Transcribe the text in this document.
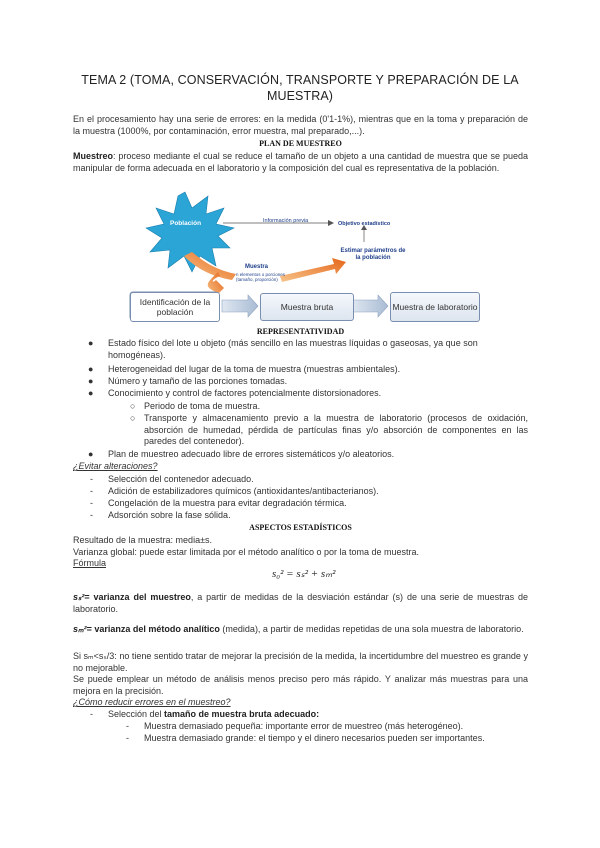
TEMA 2 (TOMA, CONSERVACIÓN, TRANSPORTE Y PREPARACIÓN DE LA MUESTRA)
En el procesamiento hay una serie de errores: en la medida (0'1-1%), mientras que en la toma y preparación de la muestra (1000%, por contaminación, error muestra, mal preparado,...).
PLAN DE MUESTREO
Muestreo: proceso mediante el cual se reduce el tamaño de un objeto a una cantidad de muestra que se pueda manipular de forma adecuada en el laboratorio y la composición del cual es representativa de la población.
Población	Información previa	Objetivo estadístico
Estimar parámetros de la población
Muestra
n elementos o porciones (tamaño, proporción)
Identificación de la población	Muestra bruta	Muestra de laboratorio
REPRESENTATIVIDAD
● Estado físico del lote u objeto (más sencillo en las muestras líquidas o gaseosas, ya que son homogéneas).
● Heterogeneidad del lugar de la toma de muestra (muestras ambientales).
● Número y tamaño de las porciones tomadas.
● Conocimiento y control de factores potencialmente distorsionadores.
○ Periodo de toma de muestra.
○ Transporte y almacenamiento previo a la muestra de laboratorio (procesos de oxidación, absorción de humedad, pérdida de partículas finas y/o absorción de componentes en las paredes del contenedor).
● Plan de muestreo adecuado libre de errores sistemáticos y/o aleatorios.
¿Evitar alteraciones?
- Selección del contenedor adecuado.
- Adición de estabilizadores químicos (antioxidantes/antibacterianos).
- Congelación de la muestra para evitar degradación térmica.
- Adsorción sobre la fase sólida.
ASPECTOS ESTADÍSTICOS
Resultado de la muestra: media±s.
Varianza global: puede estar limitada por el método analítico o por la toma de muestra.
Fórmula
s₀² = sₛ² + sₘ²
sₛ²= varianza del muestreo, a partir de medidas de la desviación estándar (s) de una serie de muestras de laboratorio.
sₘ²= varianza del método analítico (medida), a partir de medidas repetidas de una sola muestra de laboratorio.
Si sₘ<sₛ/3: no tiene sentido tratar de mejorar la precisión de la medida, la incertidumbre del muestreo es grande y no mejorable.
Se puede emplear un método de análisis menos preciso pero más rápido. Y analizar más muestras para una mejora en la precisión.
¿Cómo reducir errores en el muestreo?
- Selección del tamaño de muestra bruta adecuado:
- Muestra demasiado pequeña: importante error de muestreo (más heterogéneo).
- Muestra demasiado grande: el tiempo y el dinero necesarios pueden ser importantes.
